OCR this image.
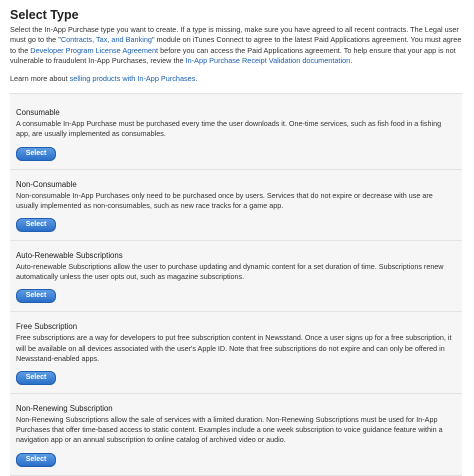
Select Type

Select the In-App Purchase type you want to create. If a type is missing, make sure you have agreed to all recent contracts. The Legal user must go to the "Contracts, Tax, and Banking" module on iTunes Connect to agree to the latest Paid Applications agreement. You must agree to the Developer Program License Agreement before you can access the Paid Applications agreement. To help ensure that your app is not vulnerable to fraudulent In-App Purchases, review the In-App Purchase Receipt Validation documentation.

Learn more about selling products with In-App Purchases.

Consumable
A consumable In-App Purchase must be purchased every time the user downloads it. One-time services, such as fish food in a fishing app, are usually implemented as consumables.
Select
Non-Consumable
Non-consumable In-App Purchases only need to be purchased once by users. Services that do not expire or decrease with use are usually implemented as non-consumables, such as new race tracks for a game app.
Select
Auto-Renewable Subscriptions
Auto-renewable Subscriptions allow the user to purchase updating and dynamic content for a set duration of time. Subscriptions renew automatically unless the user opts out, such as magazine subscriptions.
Select
Free Subscription
Free subscriptions are a way for developers to put free subscription content in Newsstand. Once a user signs up for a free subscription, it will be available on all devices associated with the user's Apple ID. Note that free subscriptions do not expire and can only be offered in Newsstand-enabled apps.
Select
Non-Renewing Subscription
Non-Renewing Subscriptions allow the sale of services with a limited duration. Non-Renewing Subscriptions must be used for In-App Purchases that offer time-based access to static content. Examples include a one week subscription to voice guidance feature within a navigation app or an annual subscription to online catalog of archived video or audio.
Select
